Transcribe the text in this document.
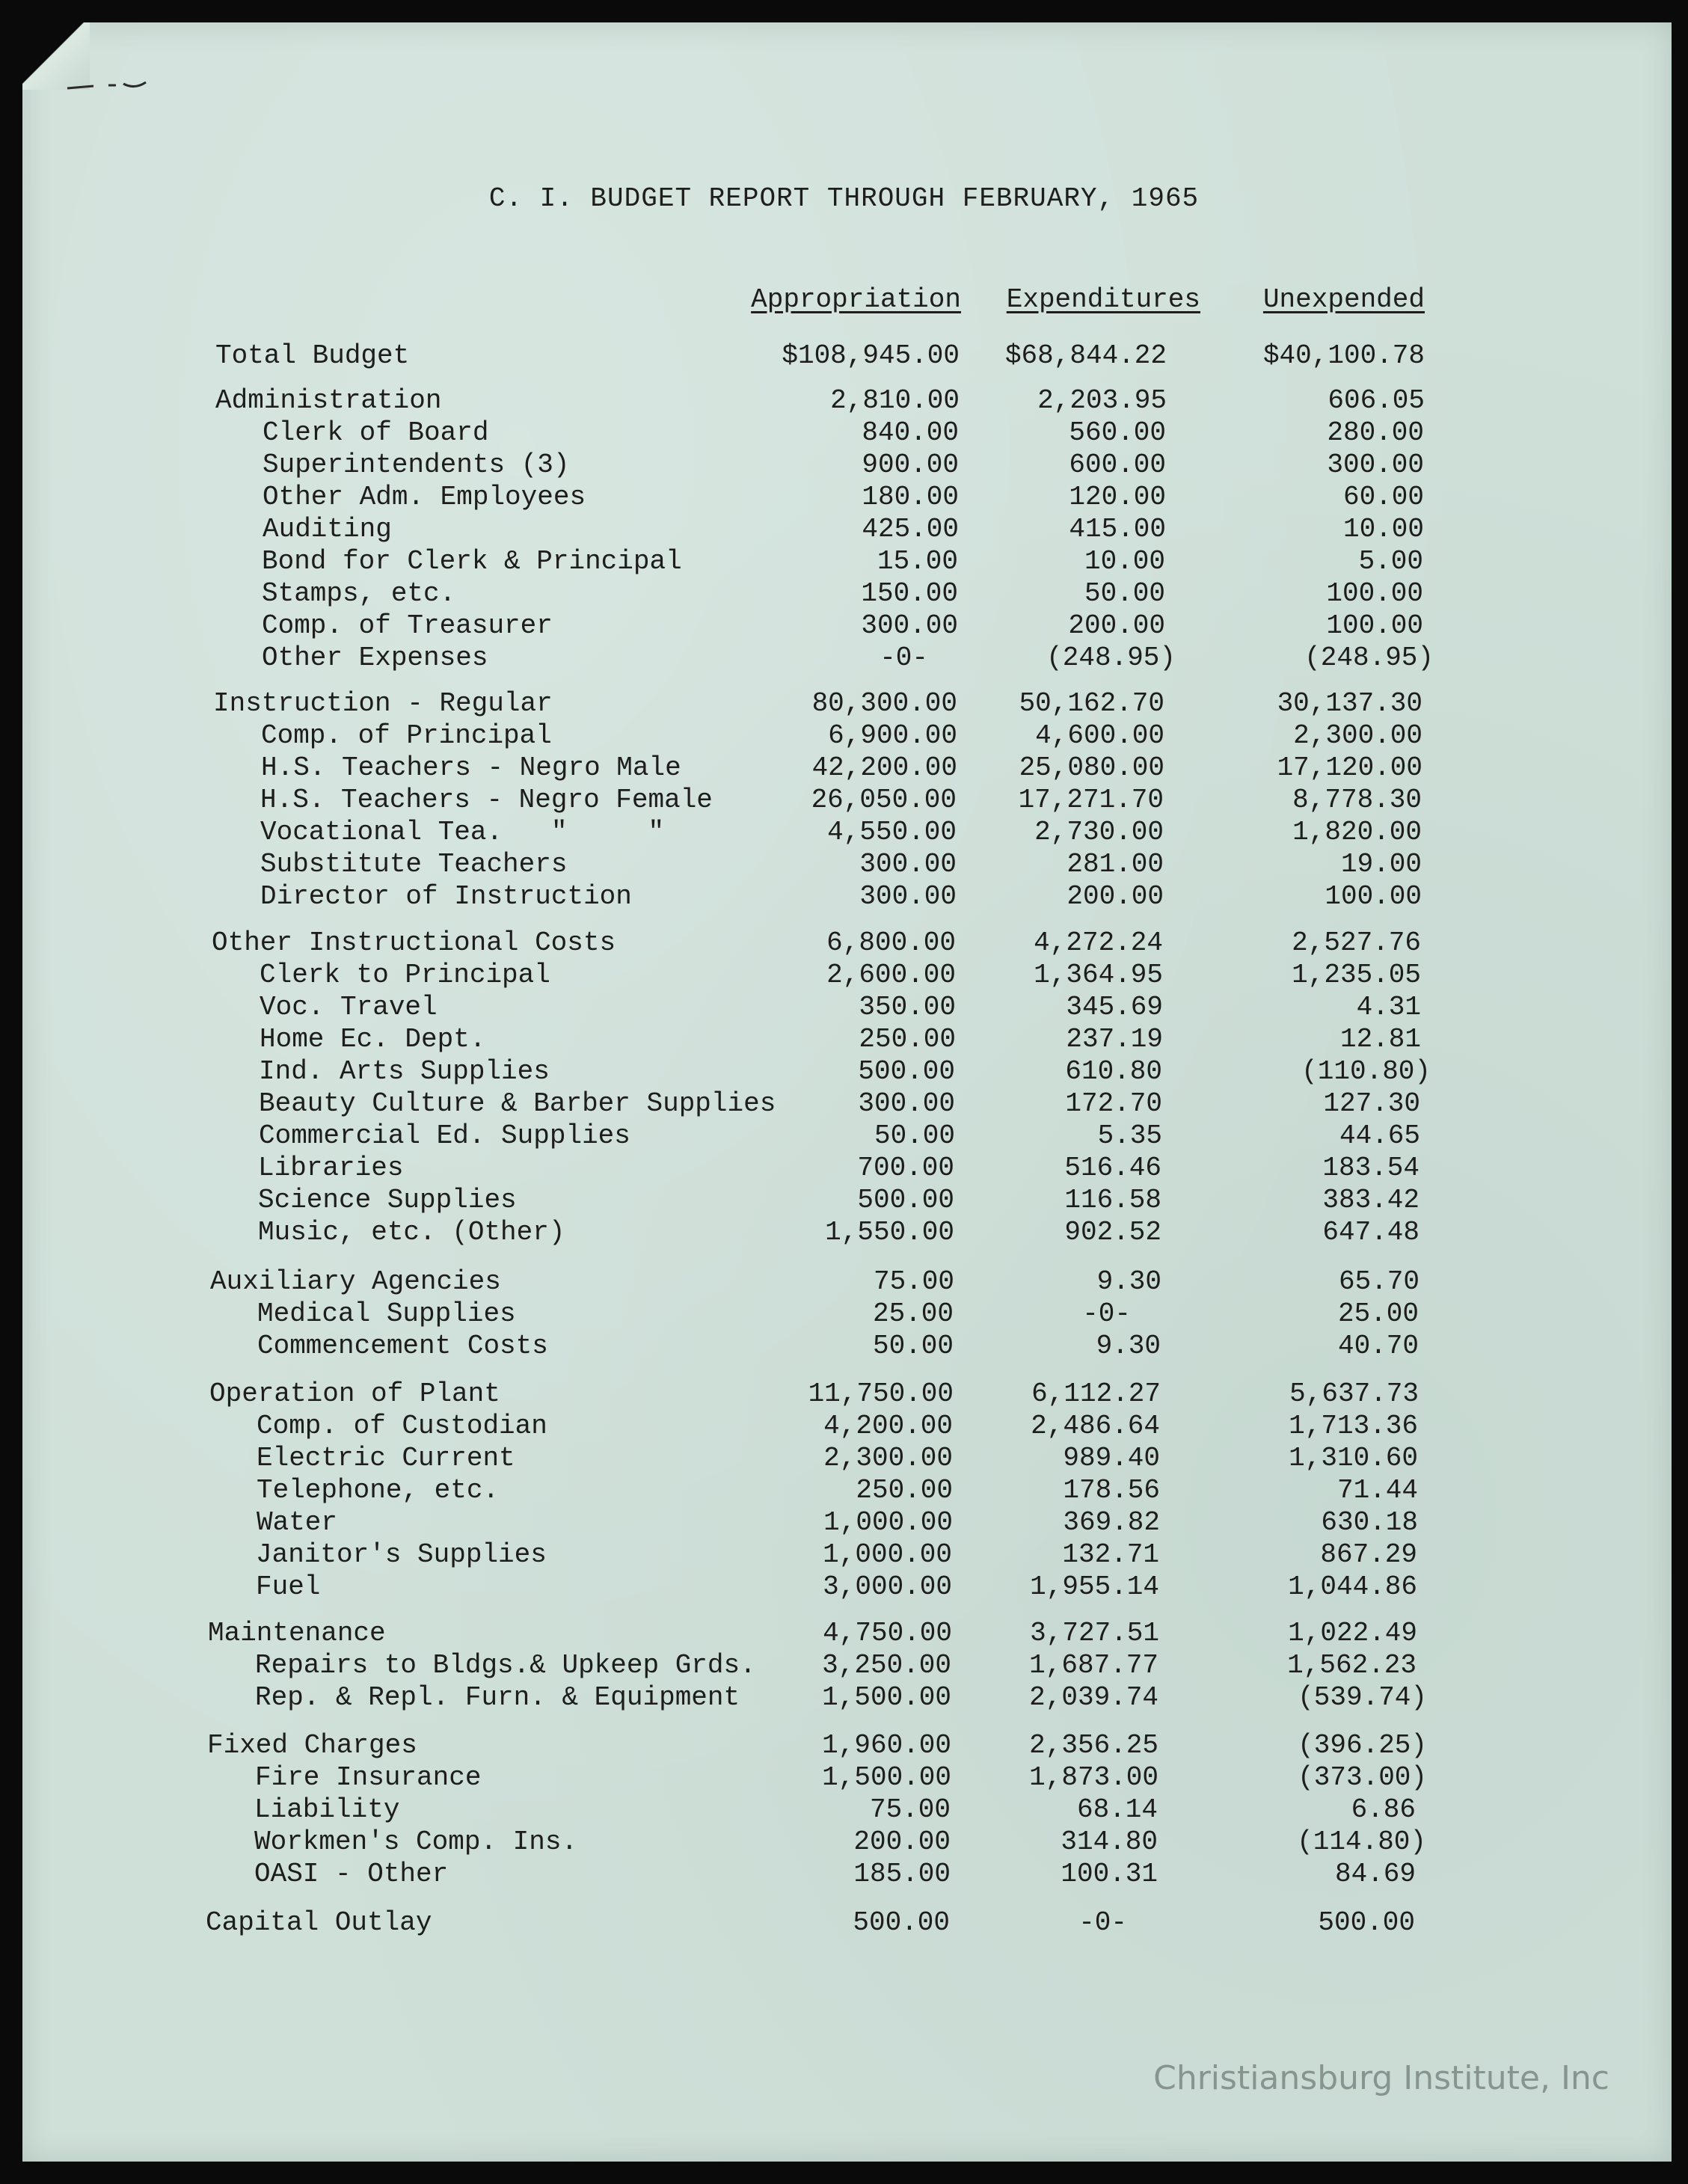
C. I. BUDGET REPORT THROUGH FEBRUARY, 1965
Appropriation	Expenditures	Unexpended
Total Budget	$108,945.00	$68,844.22	$40,100.78
Administration	2,810.00	2,203.95	606.05
Clerk of Board	840.00	560.00	280.00
Superintendents (3)	900.00	600.00	300.00
Other Adm. Employees	180.00	120.00	60.00
Auditing	425.00	415.00	10.00
Bond for Clerk & Principal	15.00	10.00	5.00
Stamps, etc.	150.00	50.00	100.00
Comp. of Treasurer	300.00	200.00	100.00
Other Expenses	-0-	(248.95)	(248.95)
Instruction - Regular	80,300.00	50,162.70	30,137.30
Comp. of Principal	6,900.00	4,600.00	2,300.00
H.S. Teachers - Negro Male	42,200.00	25,080.00	17,120.00
H.S. Teachers - Negro Female	26,050.00	17,271.70	8,778.30
Vocational Tea.   "     "	4,550.00	2,730.00	1,820.00
Substitute Teachers	300.00	281.00	19.00
Director of Instruction	300.00	200.00	100.00
Other Instructional Costs	6,800.00	4,272.24	2,527.76
Clerk to Principal	2,600.00	1,364.95	1,235.05
Voc. Travel	350.00	345.69	4.31
Home Ec. Dept.	250.00	237.19	12.81
Ind. Arts Supplies	500.00	610.80	(110.80)
Beauty Culture & Barber Supplies	300.00	172.70	127.30
Commercial Ed. Supplies	50.00	5.35	44.65
Libraries	700.00	516.46	183.54
Science Supplies	500.00	116.58	383.42
Music, etc. (Other)	1,550.00	902.52	647.48
Auxiliary Agencies	75.00	9.30	65.70
Medical Supplies	25.00	-0-	25.00
Commencement Costs	50.00	9.30	40.70
Operation of Plant	11,750.00	6,112.27	5,637.73
Comp. of Custodian	4,200.00	2,486.64	1,713.36
Electric Current	2,300.00	989.40	1,310.60
Telephone, etc.	250.00	178.56	71.44
Water	1,000.00	369.82	630.18
Janitor's Supplies	1,000.00	132.71	867.29
Fuel	3,000.00	1,955.14	1,044.86
Maintenance	4,750.00	3,727.51	1,022.49
Repairs to Bldgs.& Upkeep Grds.	3,250.00	1,687.77	1,562.23
Rep. & Repl. Furn. & Equipment	1,500.00	2,039.74	(539.74)
Fixed Charges	1,960.00	2,356.25	(396.25)
Fire Insurance	1,500.00	1,873.00	(373.00)
Liability	75.00	68.14	6.86
Workmen's Comp. Ins.	200.00	314.80	(114.80)
OASI - Other	185.00	100.31	84.69
Capital Outlay	500.00	-0-	500.00
Christiansburg Institute, Inc
